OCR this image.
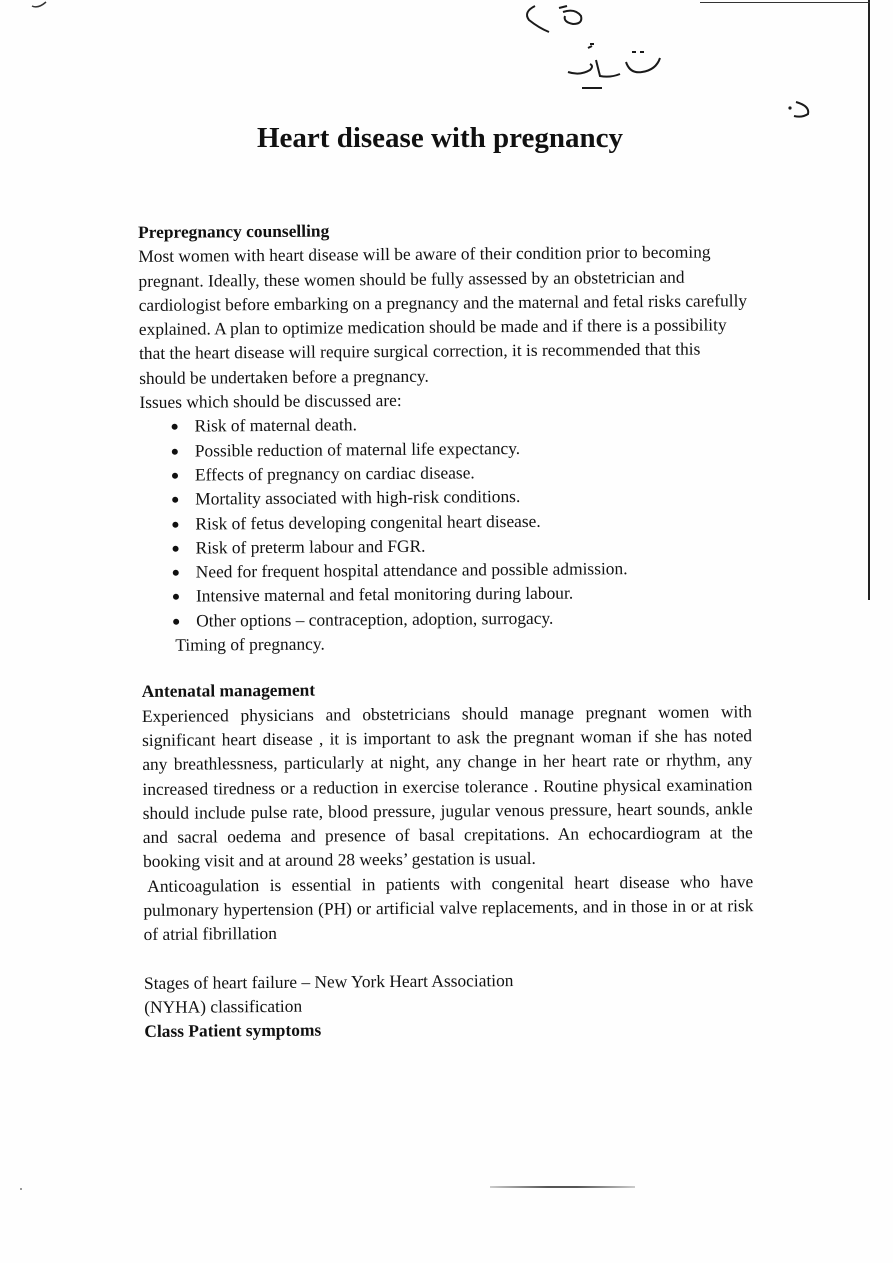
Heart disease with pregnancy

Prepregnancy counselling

Most women with heart disease will be aware of their condition prior to becoming pregnant. Ideally, these women should be fully assessed by an obstetrician and cardiologist before embarking on a pregnancy and the maternal and fetal risks carefully explained. A plan to optimize medication should be made and if there is a possibility that the heart disease will require surgical correction, it is recommended that this should be undertaken before a pregnancy.

Issues which should be discussed are:

Risk of maternal death.
Possible reduction of maternal life expectancy.
Effects of pregnancy on cardiac disease.
Mortality associated with high-risk conditions.
Risk of fetus developing congenital heart disease.
Risk of preterm labour and FGR.
Need for frequent hospital attendance and possible admission.
Intensive maternal and fetal monitoring during labour.
Other options – contraception, adoption, surrogacy.

Timing of pregnancy.

Antenatal management

Experienced physicians and obstetricians should manage pregnant women with significant heart disease , it is important to ask the pregnant woman if she has noted any breathlessness, particularly at night, any change in her heart rate or rhythm, any increased tiredness or a reduction in exercise tolerance . Routine physical examination should include pulse rate, blood pressure, jugular venous pressure, heart sounds, ankle and sacral oedema and presence of basal crepitations. An echocardiogram at the booking visit and at around 28 weeks’ gestation is usual.

Anticoagulation is essential in patients with congenital heart disease who have pulmonary hypertension (PH) or artificial valve replacements, and in those in or at risk of atrial fibrillation

Stages of heart failure – New York Heart Association

(NYHA) classification

Class Patient symptoms
